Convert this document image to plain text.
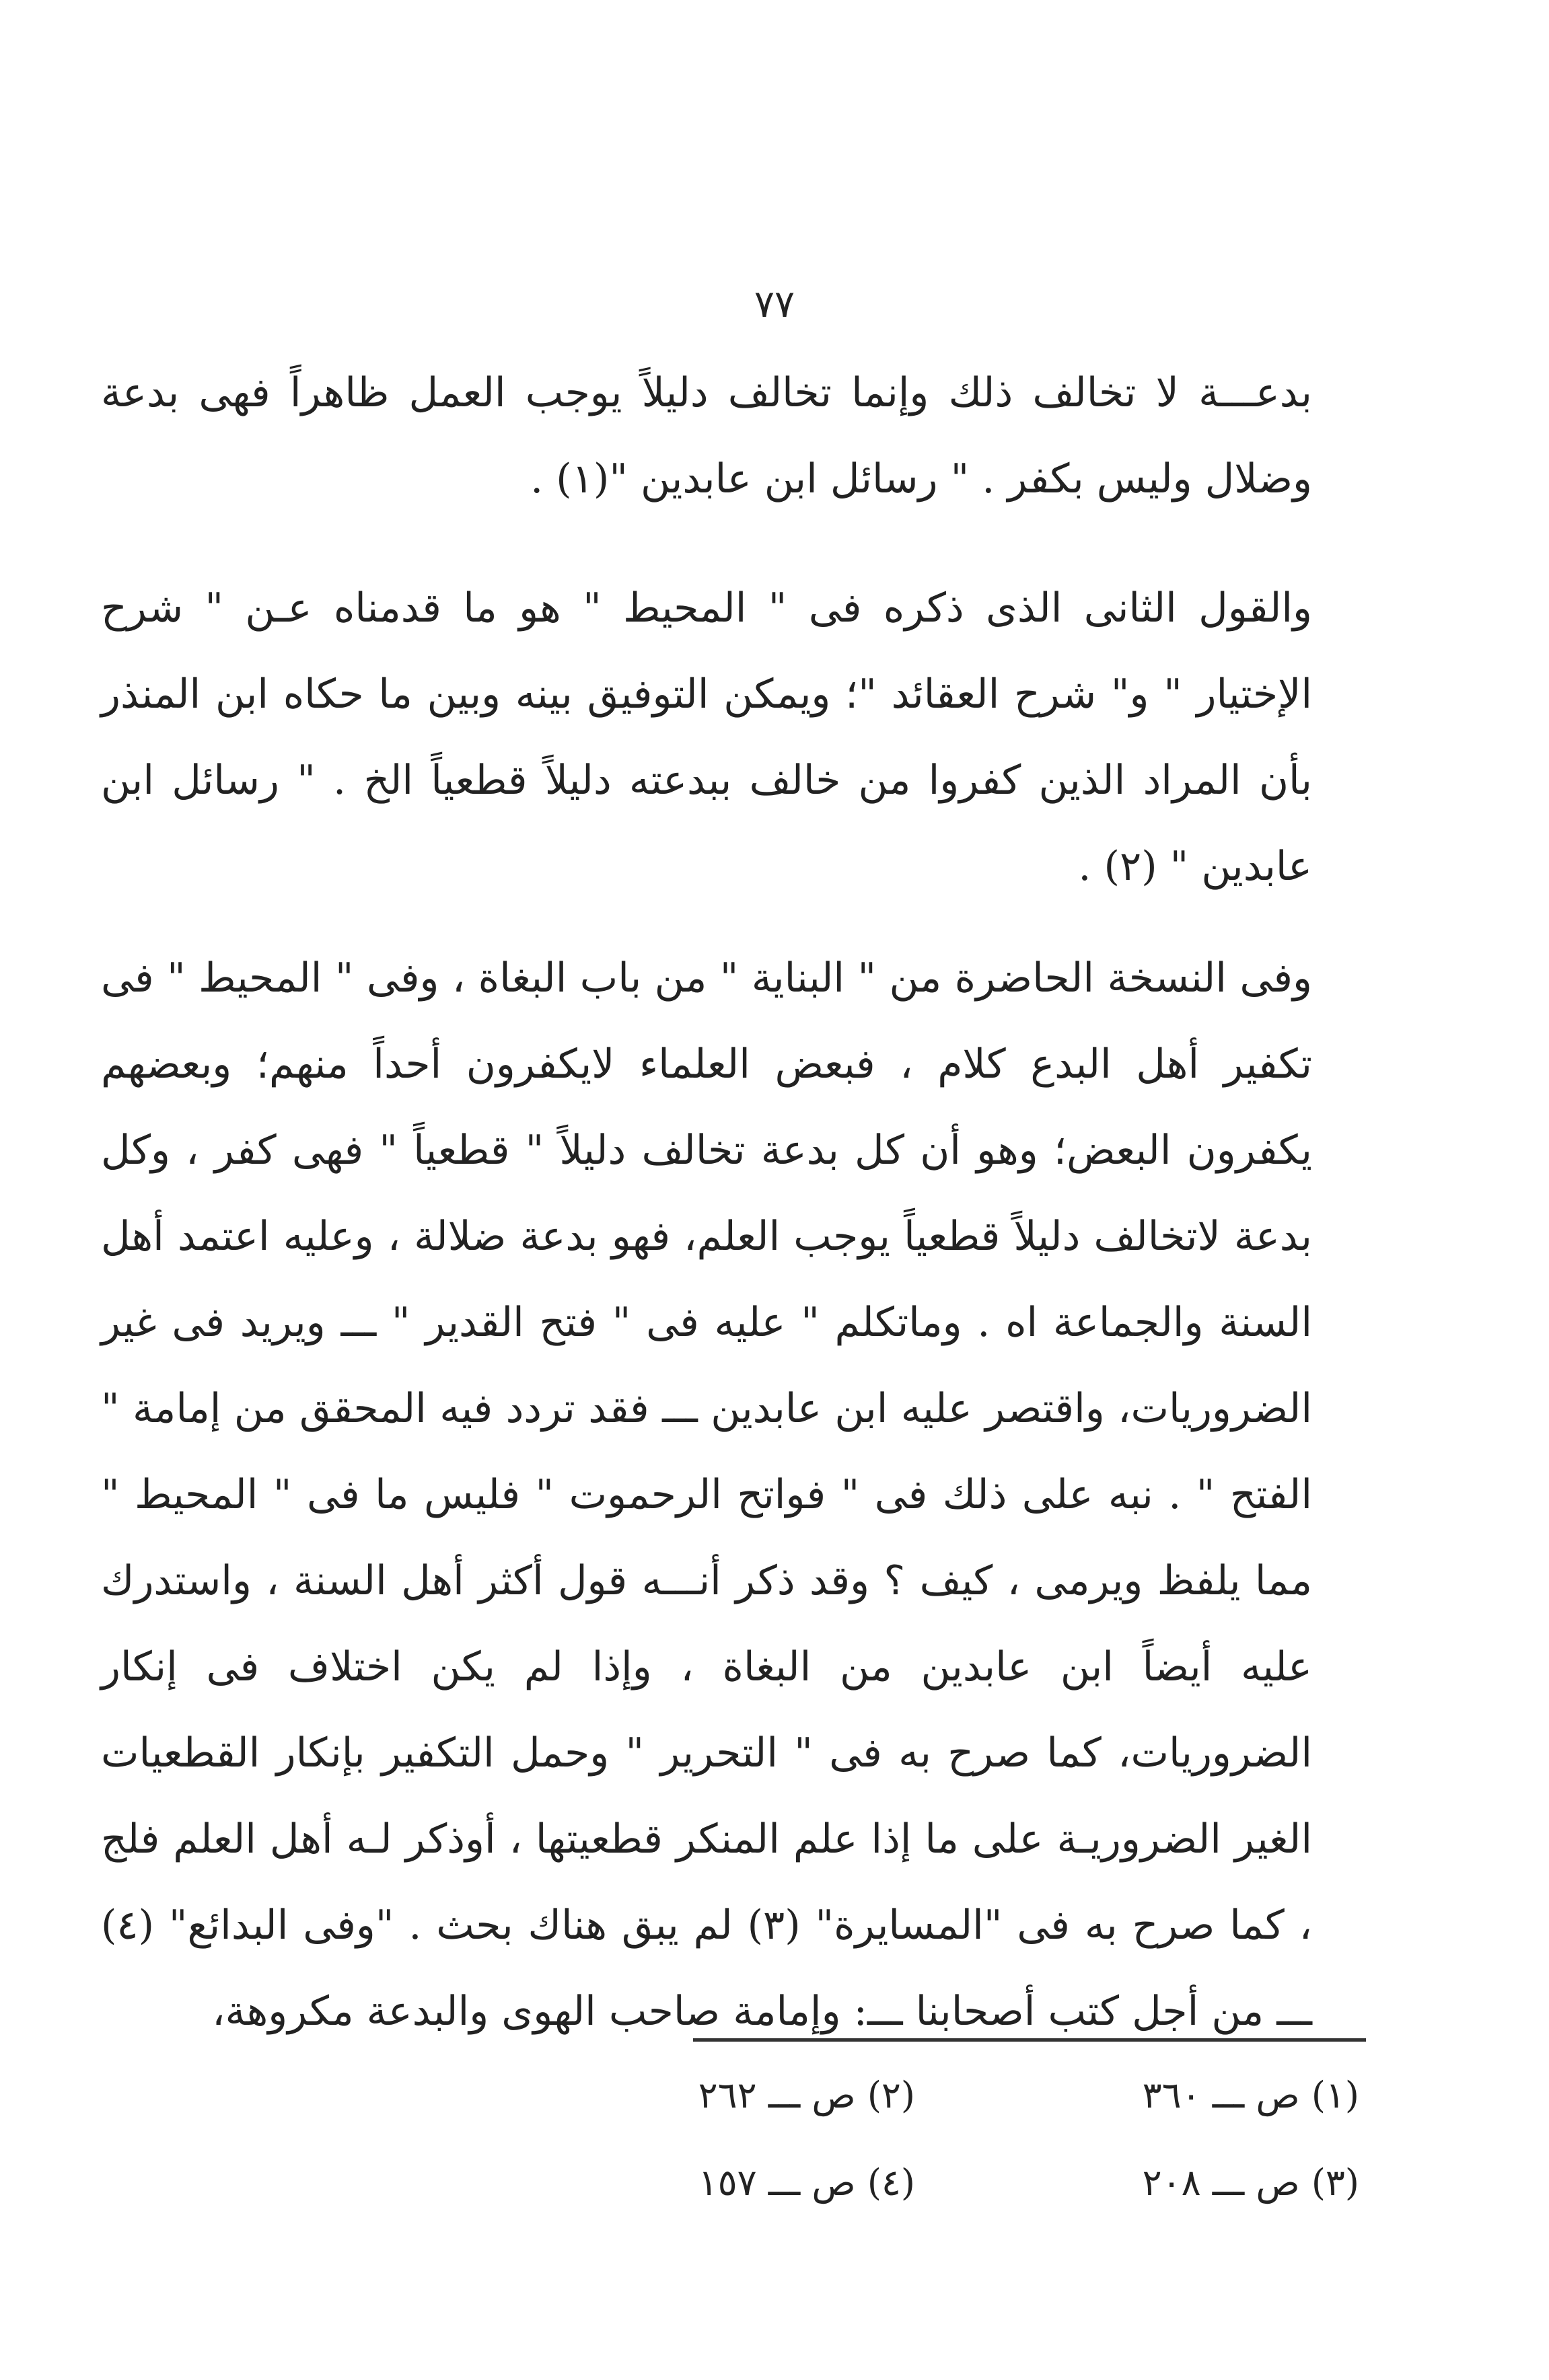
٧٧
بدعـــة لا تخالف ذلك وإنما تخالف دليلاً يوجب العمل ظاهراً فهى بدعة وضلال وليس بكفر . " رسائل ابن عابدين "(١) .
والقول الثانى الذى ذكره فى " المحيط " هو ما قدمناه عـن " شرح الإختيار " و" شرح العقائد "؛ ويمكن التوفيق بينه وبين ما حكاه ابن المنذر بأن المراد الذين كفروا من خالف ببدعته دليلاً قطعياً الخ . " رسائل ابن عابدين " (٢) .
وفى النسخة الحاضرة من " البناية " من باب البغاة ، وفى " المحيط " فى تكفير أهل البدع كلام ، فبعض العلماء لايكفرون أحداً منهم؛ وبعضهم يكفرون البعض؛ وهو أن كل بدعة تخالف دليلاً " قطعياً " فهى كفر ، وكل بدعة لاتخالف دليلاً قطعياً يوجب العلم، فهو بدعة ضلالة ، وعليه اعتمد أهل السنة والجماعة اه . وماتكلم " عليه فى " فتح القدير " ـــ ويريد فى غير الضروريات، واقتصر عليه ابن عابدين ـــ فقد تردد فيه المحقق من إمامة " الفتح " . نبه على ذلك فى " فواتح الرحموت " فليس ما فى " المحيط " مما يلفظ ويرمى ، كيف ؟ وقد ذكر أنـــه قول أكثر أهل السنة ، واستدرك عليه أيضاً ابن عابدين من البغاة ، وإذا لم يكن اختلاف فى إنكار الضروريات، كما صرح به فى " التحرير " وحمل التكفير بإنكار القطعيات الغير الضروريـة على ما إذا علم المنكر قطعيتها ، أوذكر لـه أهل العلم فلج ، كما صرح به فى "المسايرة" (٣) لم يبق هناك بحث . "وفى البدائع" (٤) ـــ من أجل كتب أصحابنا ـــ: وإمامة صاحب الهوى والبدعة مكروهة،
(١) ص ـــ ٣٦٠
(٢) ص ـــ ٢٦٢
(٣) ص ـــ ٢٠٨
(٤) ص ـــ ١٥٧
